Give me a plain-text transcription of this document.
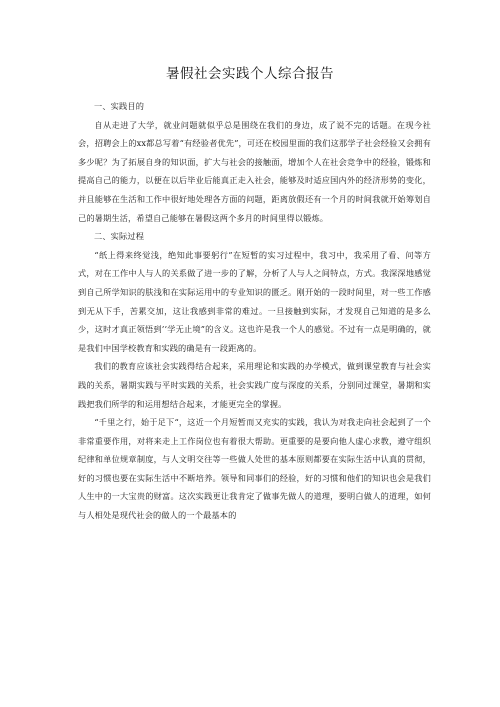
暑假社会实践个人综合报告

一、实践目的

自从走进了大学，就业问题就似乎总是围绕在我们的身边，成了说不完的话题。在现今社会，招聘会上的xx都总写着“有经验者优先”，可还在校园里面的我们这那学子社会经验又会拥有多少呢？为了拓展自身的知识面，扩大与社会的接触面，增加个人在社会竞争中的经验，锻炼和提高自己的能力，以便在以后毕业后能真正走入社会，能够及时适应国内外的经济形势的变化，并且能够在生活和工作中很好地处理各方面的问题，距离放假还有一个月的时间我就开始筹划自己的暑期生活，希望自己能够在暑假这两个多月的时间里得以锻炼。

二、实际过程

“纸上得来终觉浅，绝知此事要躬行”在短暂的实习过程中，我习中，我采用了看、问等方式，对在工作中人与人的关系做了进一步的了解，分析了人与人之间特点，方式。我深深地感觉到自己所学知识的肤浅和在实际运用中的专业知识的匮乏。刚开始的一段时间里，对一些工作感到无从下手，苦累交加，这让我感到非常的难过。一旦接触到实际，才发现自己知道的是多么少，这时才真正领悟到’’学无止境”的含义。这也许是我一个人的感觉。不过有一点是明确的，就是我们中国学校教育和实践的确是有一段距离的。

我们的教育应该社会实践得结合起来，采用理论和实践的办学模式，做到课堂教育与社会实践的关系，暑期实践与平时实践的关系，社会实践广度与深度的关系，分别同过课堂，暑期和实践把我们所学的和运用想结合起来，才能更完全的掌握。

“千里之行，始于足下“，这近一个月短暂而又充实的实践，我认为对我走向社会起到了一个非常重要作用，对将来走上工作岗位也有着很大帮助。更重要的是要向他人虚心求教，遵守组织纪律和单位规章制度，与人文明交往等一些做人处世的基本原则都要在实际生活中认真的贯彻，好的习惯也要在实际生活中不断培养。领导和同事们的经验，好的习惯和他们的知识也会是我们人生中的一大宝贵的财富。这次实践更让我肯定了做事先做人的道理，要明白做人的道理，如何与人相处是现代社会的做人的一个最基本的
